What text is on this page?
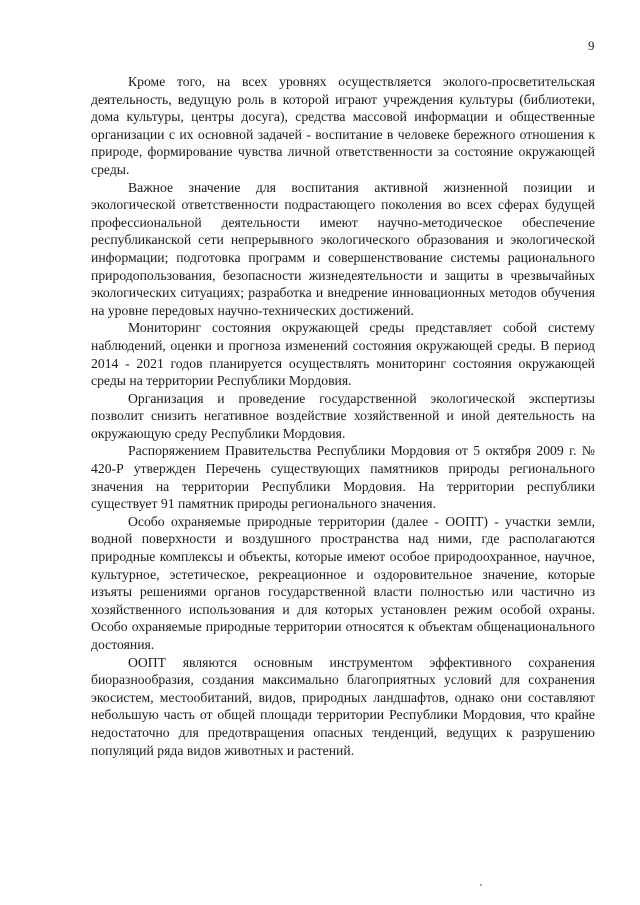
9

Кроме того, на всех уровнях осуществляется эколого-просветительская деятельность, ведущую роль в которой играют учреждения культуры (библиотеки, дома культуры, центры досуга), средства массовой информации и общественные организации с их основной задачей - воспитание в человеке бережного отношения к природе, формирование чувства личной ответственности за состояние окружающей среды.

Важное значение для воспитания активной жизненной позиции и экологической ответственности подрастающего поколения во всех сферах будущей профессиональной деятельности имеют научно-методическое обеспечение республиканской сети непрерывного экологического образования и экологической информации; подготовка программ и совершенствование системы рационального природопользования, безопасности жизнедеятельности и защиты в чрезвычайных экологических ситуациях; разработка и внедрение инновационных методов обучения на уровне передовых научно-технических достижений.

Мониторинг состояния окружающей среды представляет собой систему наблюдений, оценки и прогноза изменений состояния окружающей среды. В период 2014 - 2021 годов планируется осуществлять мониторинг состояния окружающей среды на территории Республики Мордовия.

Организация и проведение государственной экологической экспертизы позволит снизить негативное воздействие хозяйственной и иной деятельность на окружающую среду Республики Мордовия.

Распоряжением Правительства Республики Мордовия от 5 октября 2009 г. № 420-Р утвержден Перечень существующих памятников природы регионального значения на территории Республики Мордовия. На территории республики существует 91 памятник природы регионального значения.

Особо охраняемые природные территории (далее - ООПТ) - участки земли, водной поверхности и воздушного пространства над ними, где располагаются природные комплексы и объекты, которые имеют особое природоохранное, научное, культурное, эстетическое, рекреационное и оздоровительное значение, которые изъяты решениями органов государственной власти полностью или частично из хозяйственного использования и для которых установлен режим особой охраны. Особо охраняемые природные территории относятся к объектам общенационального достояния.

ООПТ являются основным инструментом эффективного сохранения биоразнообразия, создания максимально благоприятных условий для сохранения экосистем, местообитаний, видов, природных ландшафтов, однако они составляют небольшую часть от общей площади территории Республики Мордовия, что крайне недостаточно для предотвращения опасных тенденций, ведущих к разрушению популяций ряда видов животных и растений.
